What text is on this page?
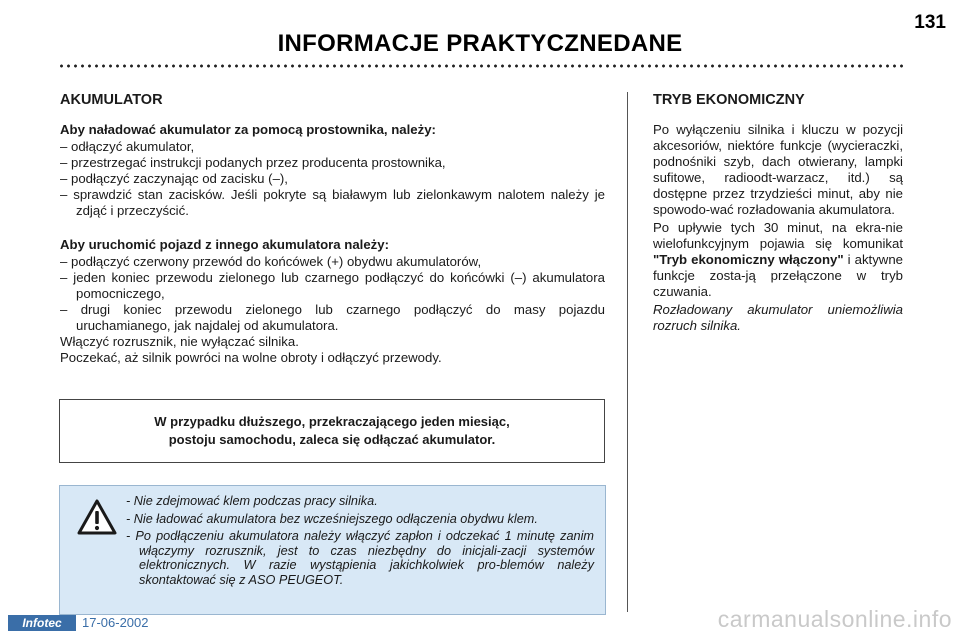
131
INFORMACJE PRAKTYCZNEDANE
AKUMULATOR

Aby naładować akumulator za pomocą prostownika, należy:

– odłączyć akumulator,
– przestrzegać instrukcji podanych przez producenta prostownika,
– podłączyć zaczynając od zacisku (–),
– sprawdzić stan zacisków. Jeśli pokryte są białawym lub zielonkawym nalotem należy je zdjąć i przeczyścić.

Aby uruchomić pojazd z innego akumulatora należy:

– podłączyć czerwony przewód do końcówek (+) obydwu akumulatorów,
– jeden koniec przewodu zielonego lub czarnego podłączyć do końcówki (–) akumulatora pomocniczego,
– drugi koniec przewodu zielonego lub czarnego podłączyć do masy pojazdu uruchamianego, jak najdalej od akumulatora.

Włączyć rozrusznik, nie wyłączać silnika.

Poczekać, aż silnik powróci na wolne obroty i odłączyć przewody.

W przypadku dłuższego, przekraczającego jeden miesiąc,
postoju samochodu, zaleca się odłączać akumulator.
- Nie zdejmować klem podczas pracy silnika.
- Nie ładować akumulatora bez wcześniejszego odłączenia obydwu klem.
- Po podłączeniu akumulatora należy włączyć zapłon i odczekać 1 minutę zanim włączymy rozrusznik, jest to czas niezbędny do inicjali-zacji systemów elektronicznych. W razie wystąpienia jakichkolwiek pro-blemów należy skontaktować się z ASO PEUGEOT.
TRYB EKONOMICZNY

Po wyłączeniu silnika i kluczu w pozycji akcesoriów, niektóre funkcje (wycieraczki, podnośniki szyb, dach otwierany, lampki sufitowe, radioodt-warzacz, itd.) są dostępne przez trzydzieści minut, aby nie spowodo-wać rozładowania akumulatora.

Po upływie tych 30 minut, na ekra-nie wielofunkcyjnym pojawia się komunikat "Tryb ekonomiczny włączony" i aktywne funkcje zosta-ją przełączone w tryb czuwania.

Rozładowany akumulator uniemożliwia rozruch silnika.

Infotec	17-06-2002	carmanualsonline.info
